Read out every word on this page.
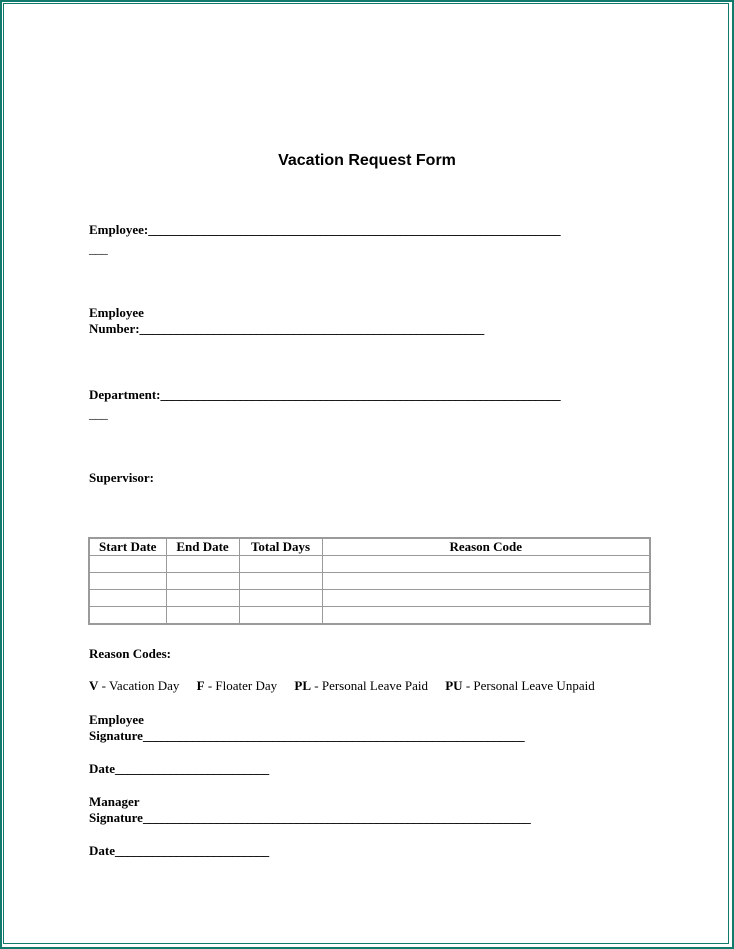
Vacation Request Form
Employee:___________________________________________________________________
___
Employee
Number:________________________________________________________
Department:_________________________________________________________________
___
Supervisor:
Start Date	End Date	Total Days	Reason Code

Reason Codes:
V - Vacation Day F - Floater Day PL - Personal Leave Paid PU - Personal Leave Unpaid
Employee
Signature______________________________________________________________
Date_________________________
Manager
Signature_______________________________________________________________
Date_________________________
